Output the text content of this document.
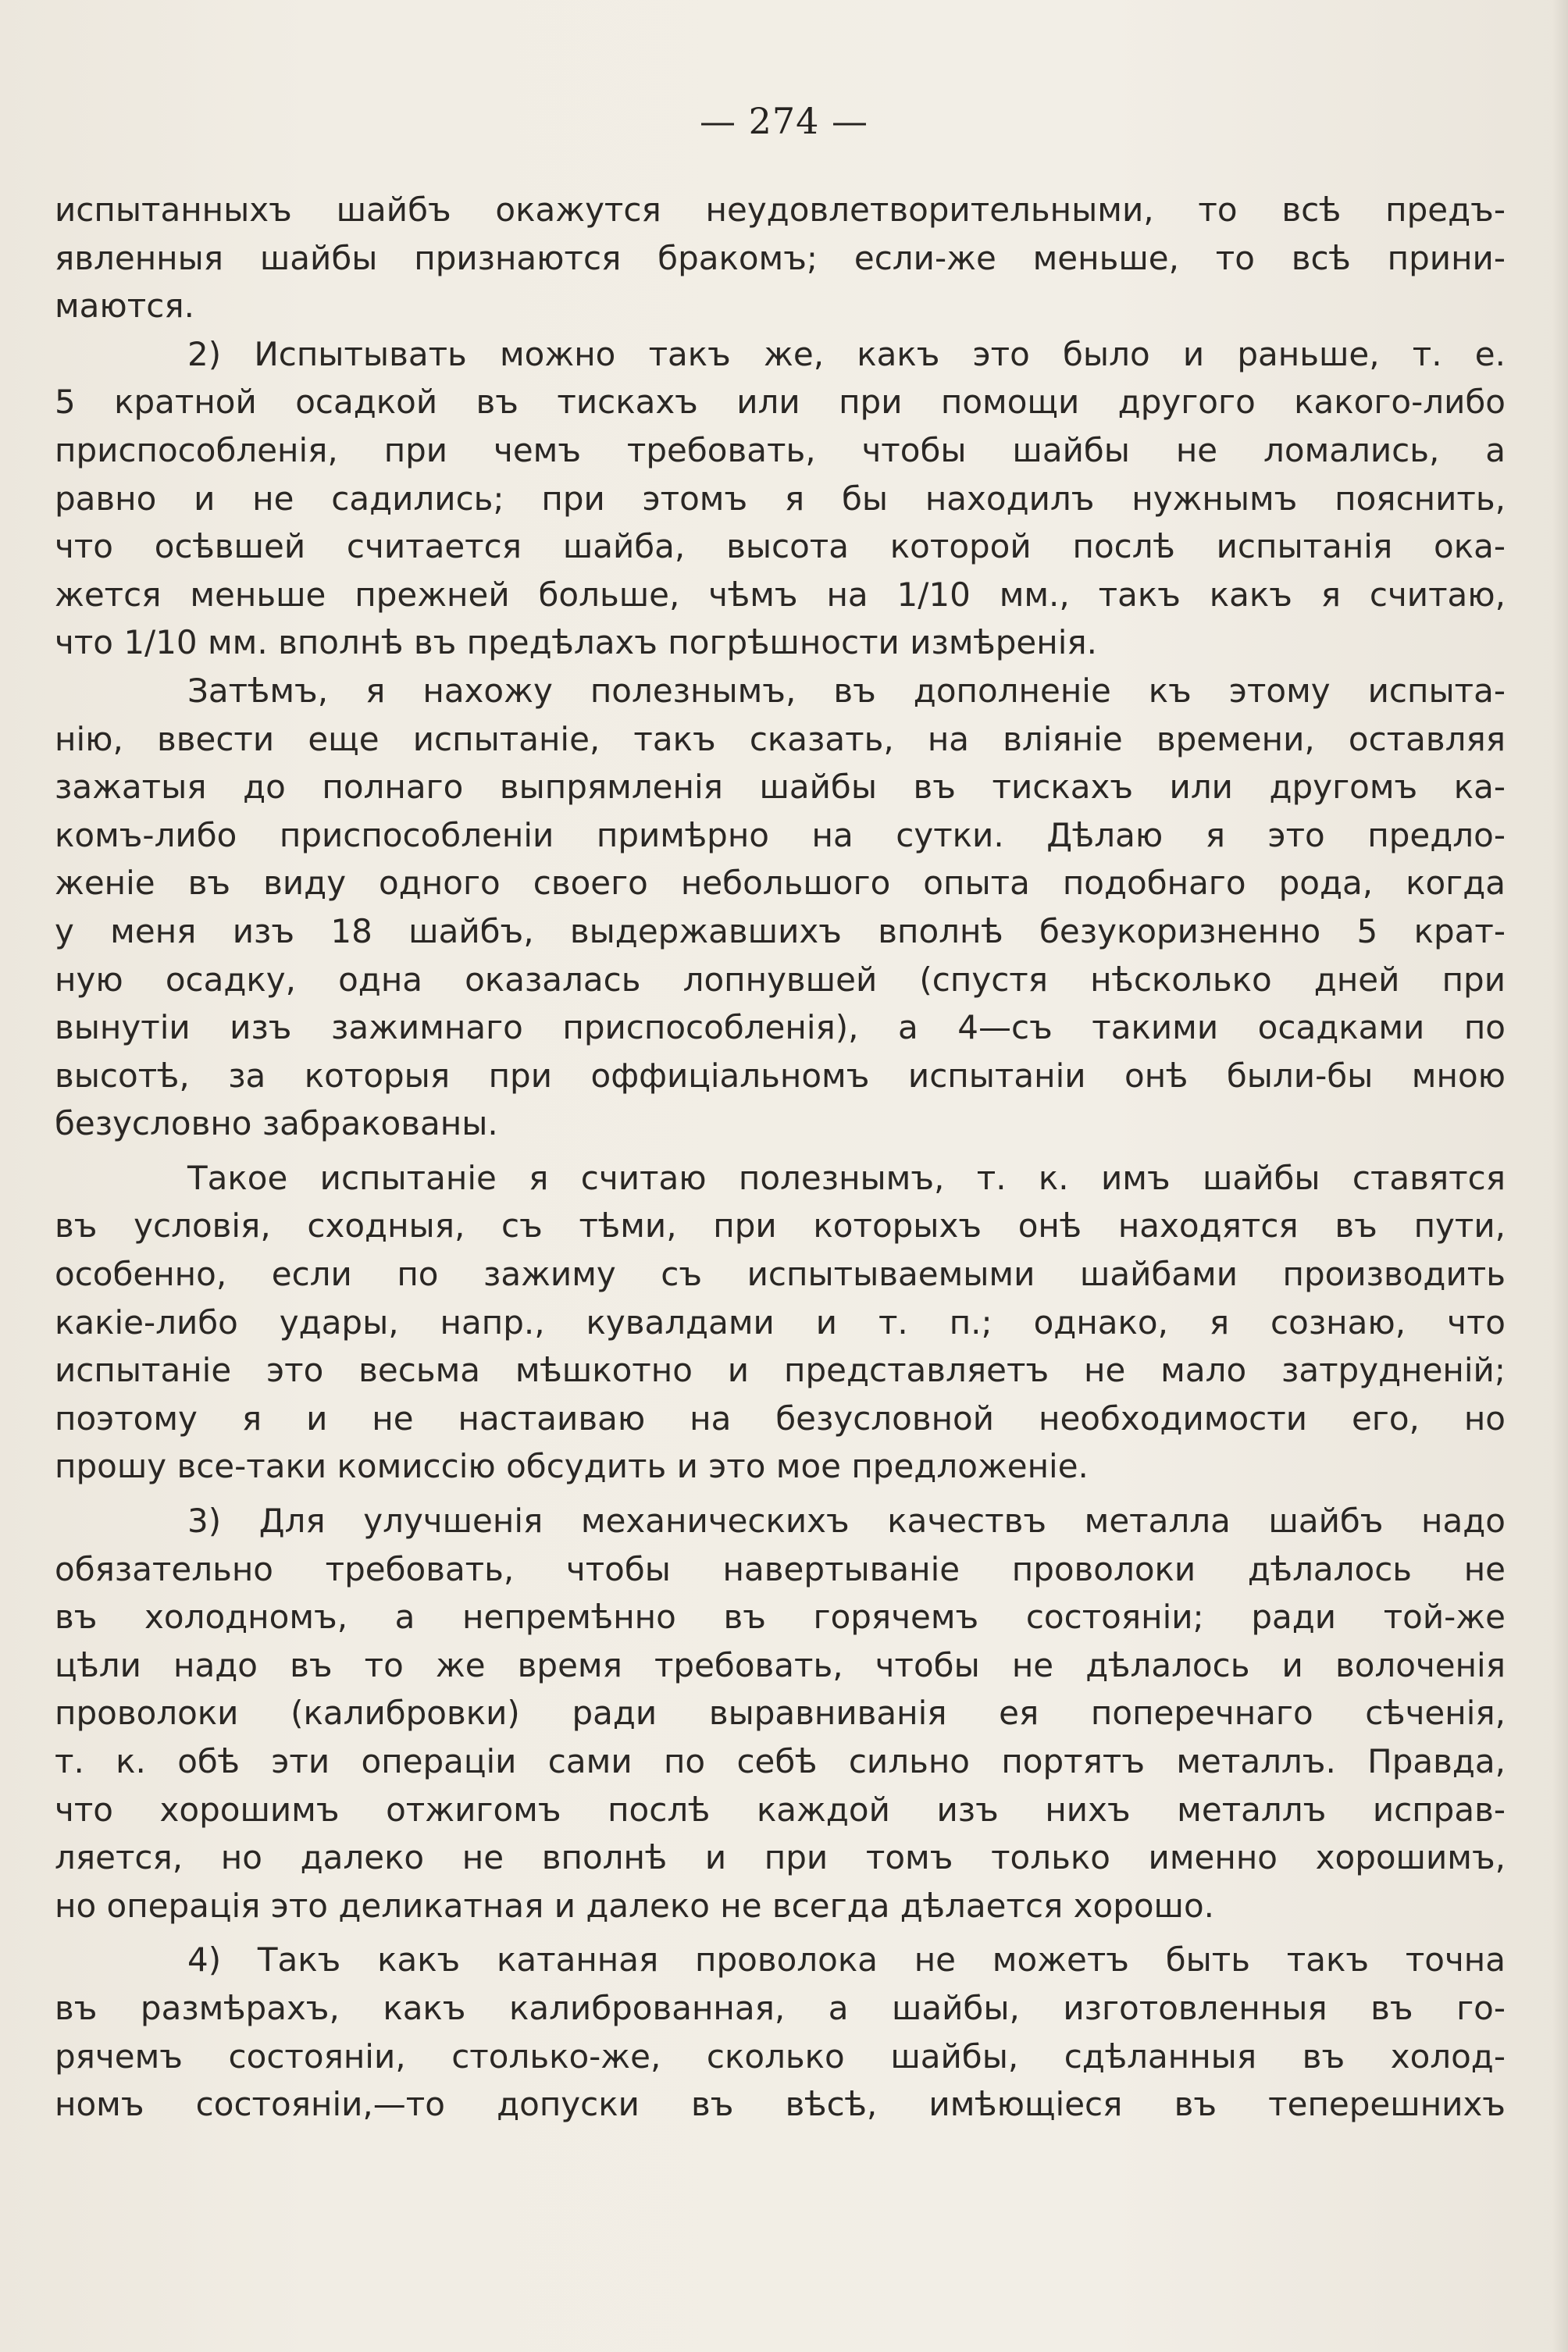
— 274 —
испытанныхъ шайбъ окажутся неудовлетворительными, то всѣ предъ-
явленныя шайбы признаются бракомъ; если-же меньше, то всѣ прини-
маются.
2) Испытывать можно такъ же, какъ это было и раньше, т. е.
5 кратной осадкой въ тискахъ или при помощи другого какого-либо
приспособленія, при чемъ требовать, чтобы шайбы не ломались, а
равно и не садились; при этомъ я бы находилъ нужнымъ пояснить,
что осѣвшей считается шайба, высота которой послѣ испытанія ока-
жется меньше прежней больше, чѣмъ на 1/10 мм., такъ какъ я считаю,
что 1/10 мм. вполнѣ въ предѣлахъ погрѣшности измѣренія.
Затѣмъ, я нахожу полезнымъ, въ дополненіе къ этому испыта-
нію, ввести еще испытаніе, такъ сказать, на вліяніе времени, оставляя
зажатыя до полнаго выпрямленія шайбы въ тискахъ или другомъ ка-
комъ-либо приспособленіи примѣрно на сутки. Дѣлаю я это предло-
женіе въ виду одного своего небольшого опыта подобнаго рода, когда
у меня изъ 18 шайбъ, выдержавшихъ вполнѣ безукоризненно 5 крат-
ную осадку, одна оказалась лопнувшей (спустя нѣсколько дней при
вынутіи изъ зажимнаго приспособленія), а 4—съ такими осадками по
высотѣ, за которыя при оффиціальномъ испытаніи онѣ были-бы мною
безусловно забракованы.
Такое испытаніе я считаю полезнымъ, т. к. имъ шайбы ставятся
въ условія, сходныя, съ тѣми, при которыхъ онѣ находятся въ пути,
особенно, если по зажиму съ испытываемыми шайбами производить
какіе-либо удары, напр., кувалдами и т. п.; однако, я сознаю, что
испытаніе это весьма мѣшкотно и представляетъ не мало затрудненій;
поэтому я и не настаиваю на безусловной необходимости его, но
прошу все-таки комиссію обсудить и это мое предложеніе.
3) Для улучшенія механическихъ качествъ металла шайбъ надо
обязательно требовать, чтобы навертываніе проволоки дѣлалось не
въ холодномъ, а непремѣнно въ горячемъ состояніи; ради той-же
цѣли надо въ то же время требовать, чтобы не дѣлалось и волоченія
проволоки (калибровки) ради выравниванія ея поперечнаго сѣченія,
т. к. обѣ эти операціи сами по себѣ сильно портятъ металлъ. Правда,
что хорошимъ отжигомъ послѣ каждой изъ нихъ металлъ исправ-
ляется, но далеко не вполнѣ и при томъ только именно хорошимъ,
но операція это деликатная и далеко не всегда дѣлается хорошо.
4) Такъ какъ катанная проволока не можетъ быть такъ точна
въ размѣрахъ, какъ калиброванная, а шайбы, изготовленныя въ го-
рячемъ состояніи, столько-же, сколько шайбы, сдѣланныя въ холод-
номъ состояніи,—то допуски въ вѣсѣ, имѣющіеся въ теперешнихъ
